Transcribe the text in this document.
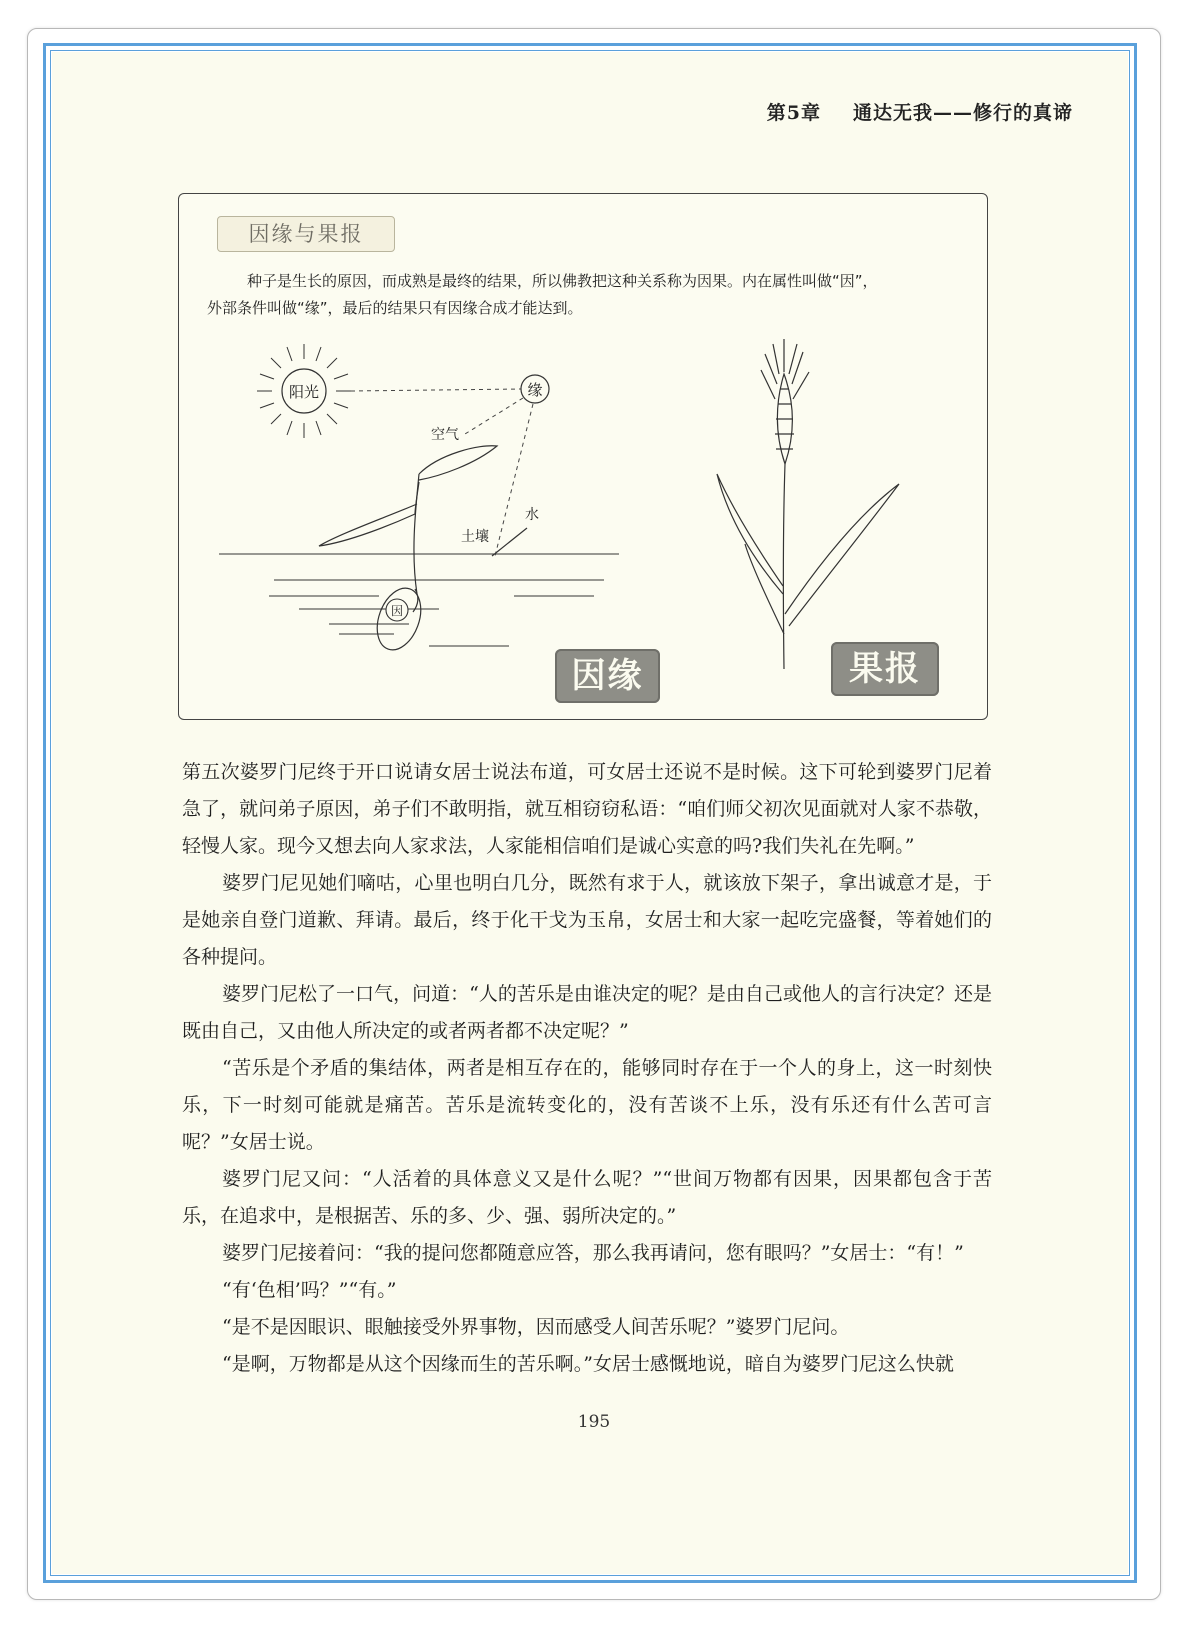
第5章 通达无我——修行的真谛
因缘与果报
种子是生长的原因，而成熟是最终的结果，所以佛教把这种关系称为因果。内在属性叫做“因”，
外部条件叫做“缘”，最后的结果只有因缘合成才能达到。
阳光	缘
空气
水
土壤
因
因缘	果报

第五次婆罗门尼终于开口说请女居士说法布道，可女居士还说不是时候。这下可轮到婆罗门尼着急了，就问弟子原因，弟子们不敢明指，就互相窃窃私语：“咱们师父初次见面就对人家不恭敬，轻慢人家。现今又想去向人家求法，人家能相信咱们是诚心实意的吗?我们失礼在先啊。”

婆罗门尼见她们嘀咕，心里也明白几分，既然有求于人，就该放下架子，拿出诚意才是，于是她亲自登门道歉、拜请。最后，终于化干戈为玉帛，女居士和大家一起吃完盛餐，等着她们的各种提问。

婆罗门尼松了一口气，问道：“人的苦乐是由谁决定的呢？是由自己或他人的言行决定？还是既由自己，又由他人所决定的或者两者都不决定呢？”

“苦乐是个矛盾的集结体，两者是相互存在的，能够同时存在于一个人的身上，这一时刻快乐，下一时刻可能就是痛苦。苦乐是流转变化的，没有苦谈不上乐，没有乐还有什么苦可言呢？”女居士说。

婆罗门尼又问：“人活着的具体意义又是什么呢？”“世间万物都有因果，因果都包含于苦乐，在追求中，是根据苦、乐的多、少、强、弱所决定的。”

婆罗门尼接着问：“我的提问您都随意应答，那么我再请问，您有眼吗？”女居士：“有！”

“有‘色相’吗？”“有。”

“是不是因眼识、眼触接受外界事物，因而感受人间苦乐呢？”婆罗门尼问。

“是啊，万物都是从这个因缘而生的苦乐啊。”女居士感慨地说，暗自为婆罗门尼这么快就

195
